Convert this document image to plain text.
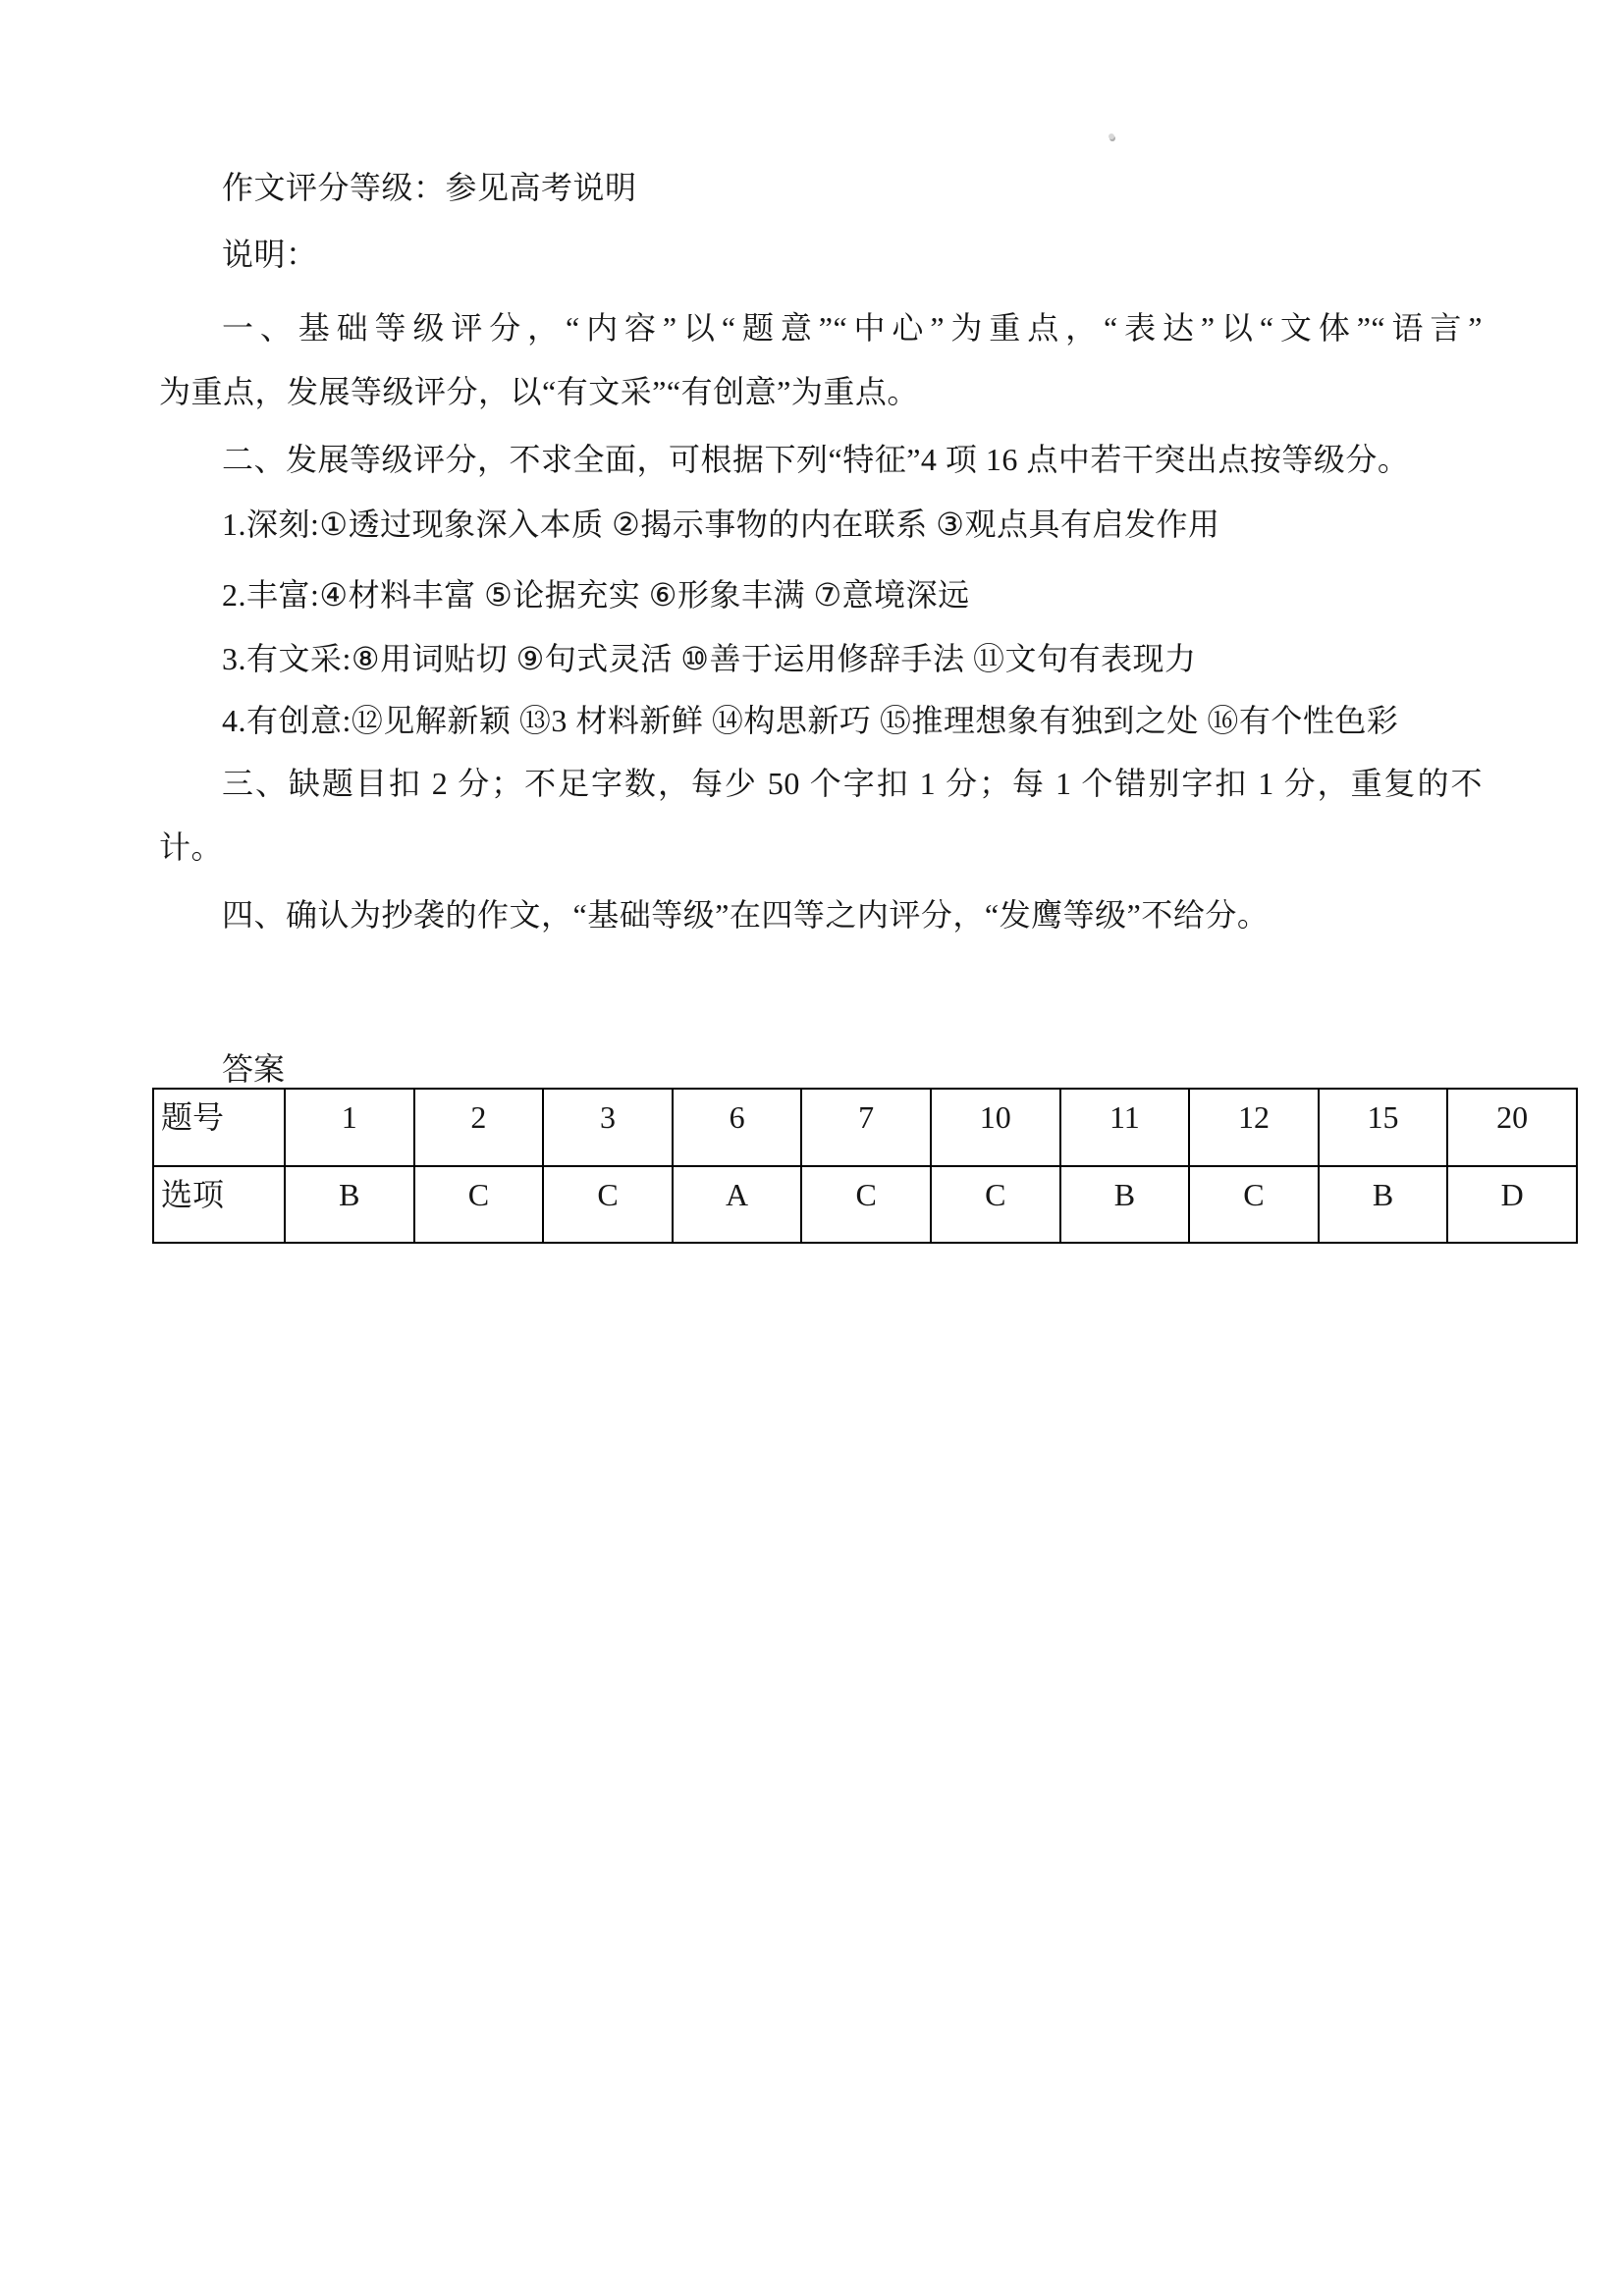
作文评分等级：参见高考说明
说明：
一、基础等级评分，“内容”以“题意”“中心”为重点，“表达”以“文体”“语言”
为重点，发展等级评分，以“有文采”“有创意”为重点。
二、发展等级评分，不求全面，可根据下列“特征”4 项 16 点中若干突出点按等级分。
1.深刻:①透过现象深入本质 ②揭示事物的内在联系 ③观点具有启发作用
2.丰富:④材料丰富 ⑤论据充实 ⑥形象丰满 ⑦意境深远
3.有文采:⑧用词贴切 ⑨句式灵活 ⑩善于运用修辞手法 ⑪文句有表现力
4.有创意:⑫见解新颖 ⑬3 材料新鲜 ⑭构思新巧 ⑮推理想象有独到之处 ⑯有个性色彩
三、缺题目扣 2 分；不足字数，每少 50 个字扣 1 分；每 1 个错别字扣 1 分，重复的不
计。
四、确认为抄袭的作文，“基础等级”在四等之内评分，“发鹰等级”不给分。
答案
题号	1	2	3	6	7	10	11	12	15	20
选项	B	C	C	A	C	C	B	C	B	D
